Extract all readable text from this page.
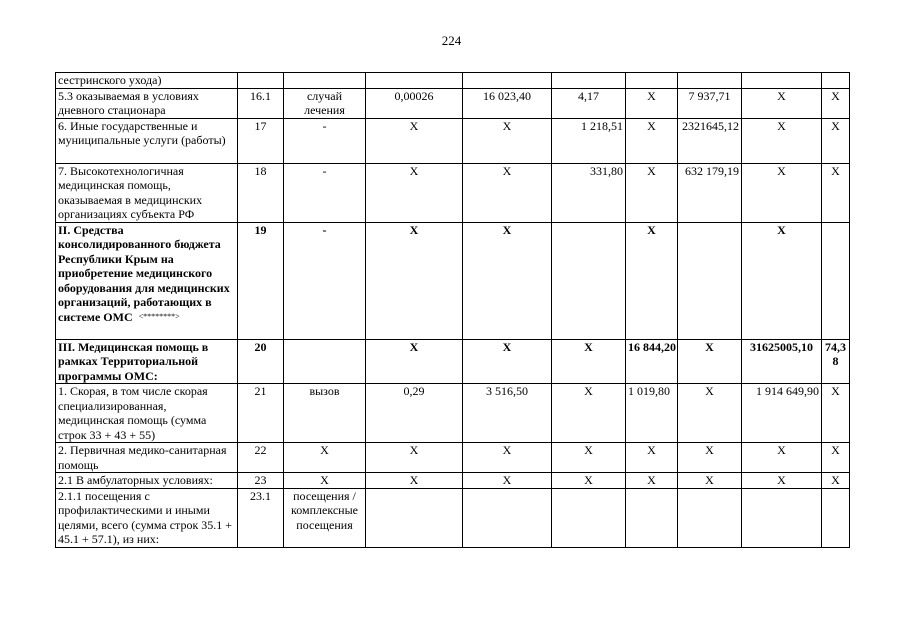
224
сестринского ухода)									
5.3 оказываемая в условиях дневного стационара	16.1	случай лечения	0,00026	16 023,40	4,17	Х	7 937,71	Х	Х
6. Иные государственные и муниципальные услуги (работы)	17	-	Х	Х	1 218,51	Х	2321645,12	Х	Х
7. Высокотехнологичная медицинская помощь, оказываемая в медицинских организациях субъекта РФ	18	-	Х	Х	331,80	Х	632 179,19	Х	Х
II. Средства консолидированного бюджета Республики Крым на приобретение медицинского оборудования для медицинских организаций, работающих в системе ОМС <********>	19	-	Х	Х		Х		Х	
III. Медицинская помощь в рамках Территориальной программы ОМС:	20		Х	Х	Х	16 844,20	Х	31625005,10	74,38
1. Скорая, в том числе скорая специализированная, медицинская помощь (сумма строк 33 + 43 + 55)	21	вызов	0,29	3 516,50	Х	1 019,80	Х	1 914 649,90	Х
2. Первичная медико-санитарная помощь	22	Х	Х	Х	Х	Х	Х	Х	Х
2.1 В амбулаторных условиях:	23	Х	Х	Х	Х	Х	Х	Х	Х
2.1.1 посещения с профилактическими и иными целями, всего (сумма строк 35.1 + 45.1 + 57.1), из них:	23.1	посещения / комплексные посещения							
